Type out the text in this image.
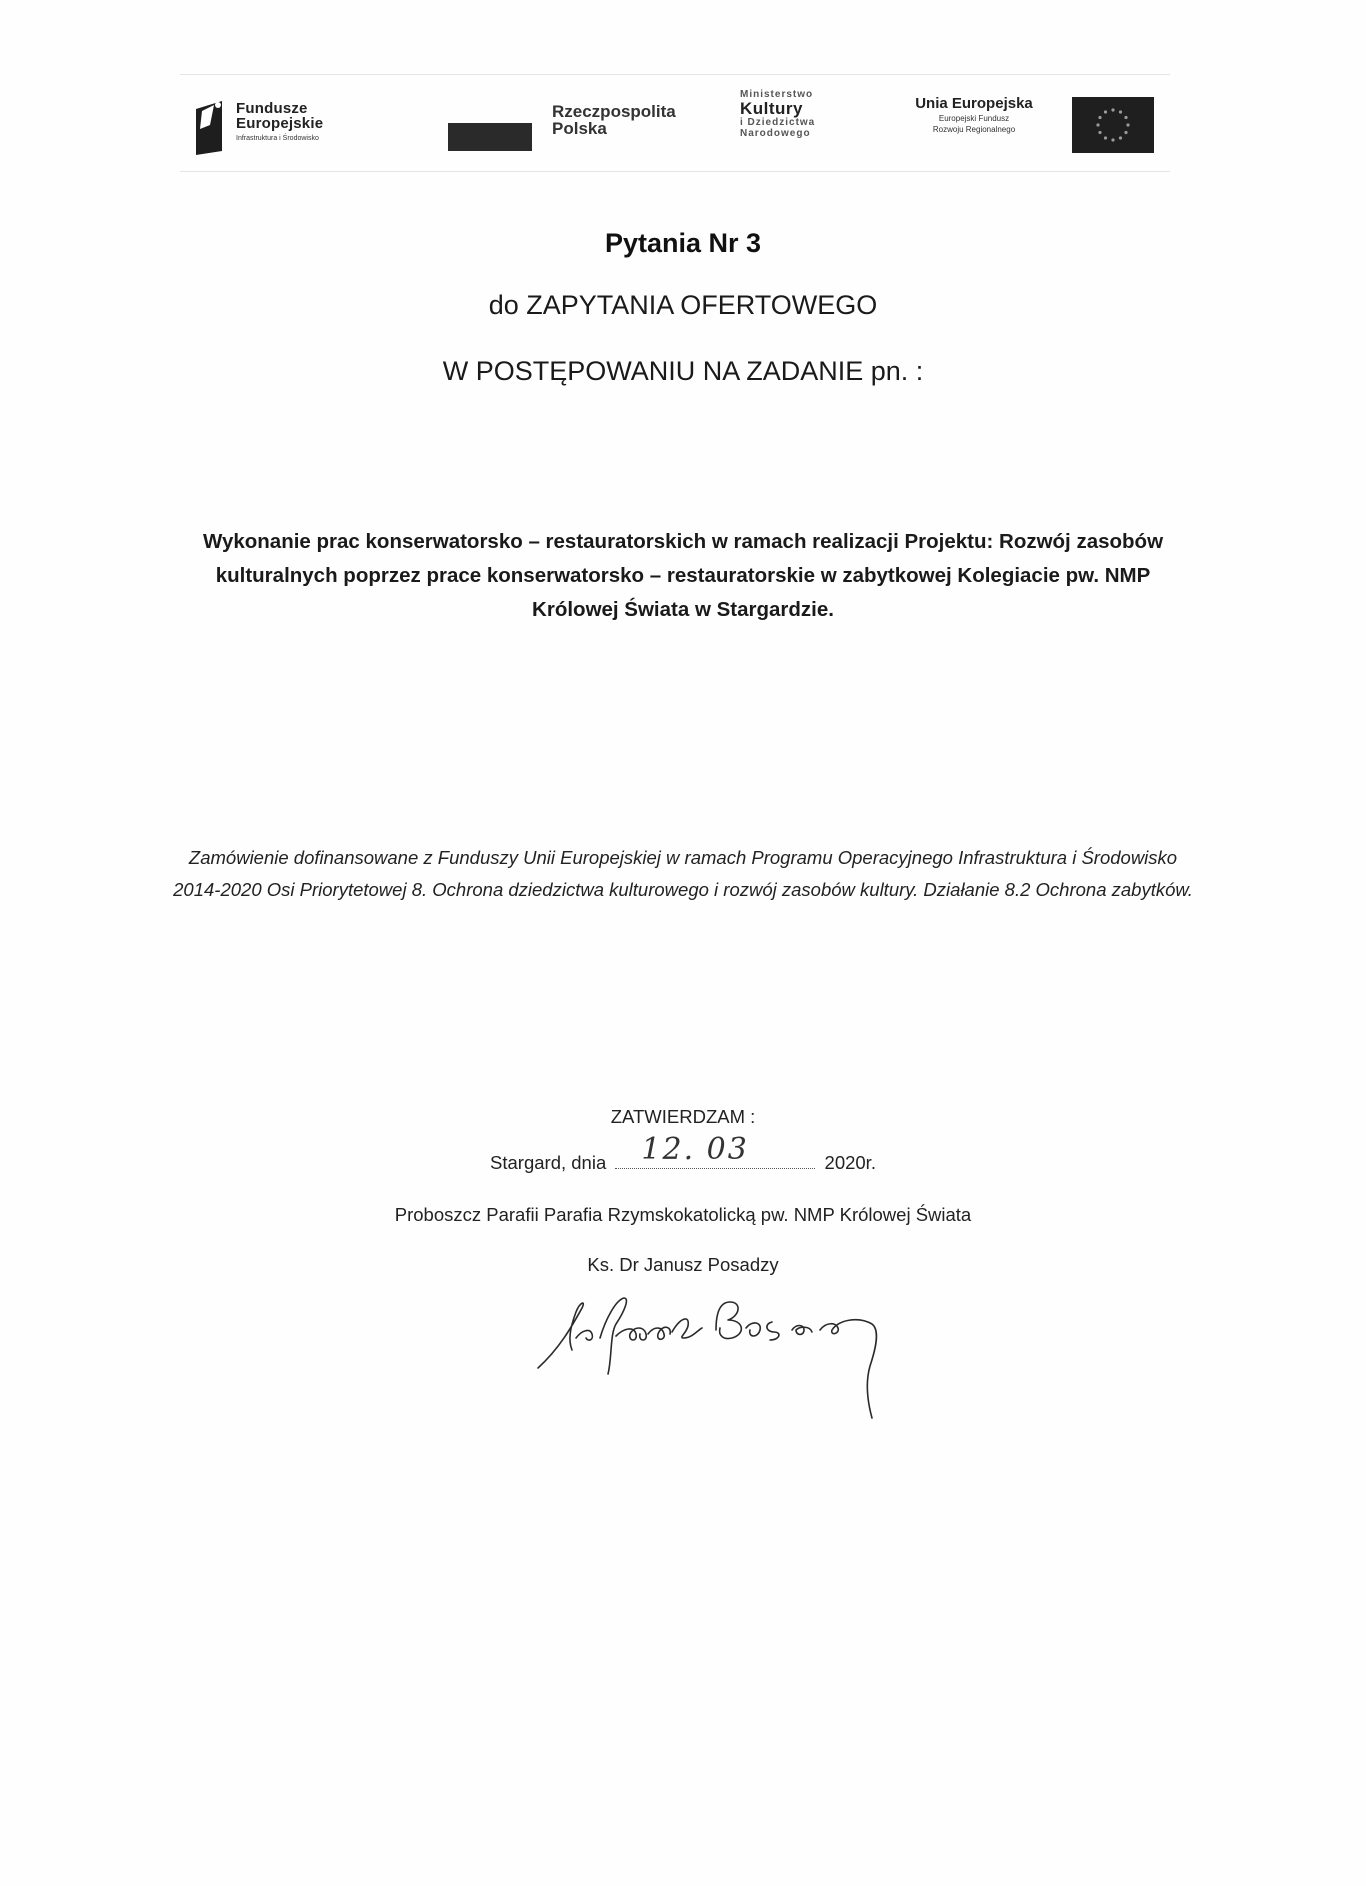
Fundusze
Europejskie
Infrastruktura i Środowisko
Rzeczpospolita
Polska
Ministerstwo
Kultury
i Dziedzictwa
Narodowego
Unia Europejska
Europejski Fundusz
Rozwoju Regionalnego
Pytania Nr 3
do ZAPYTANIA OFERTOWEGO
W POSTĘPOWANIU NA ZADANIE pn. :
Wykonanie prac konserwatorsko – restauratorskich w ramach realizacji Projektu: Rozwój zasobów kulturalnych poprzez prace konserwatorsko – restauratorskie w zabytkowej Kolegiacie pw. NMP Królowej Świata w Stargardzie.
Zamówienie dofinansowane z Funduszy Unii Europejskiej w ramach Programu Operacyjnego Infrastruktura i Środowisko 2014-2020 Osi Priorytetowej 8. Ochrona dziedzictwa kulturowego i rozwój zasobów kultury. Działanie 8.2 Ochrona zabytków.
ZATWIERDZAM :
Stargard, dnia 12. 03	2020r.
Proboszcz Parafii Parafia Rzymskokatolicką pw. NMP Królowej Świata
Ks. Dr Janusz Posadzy
